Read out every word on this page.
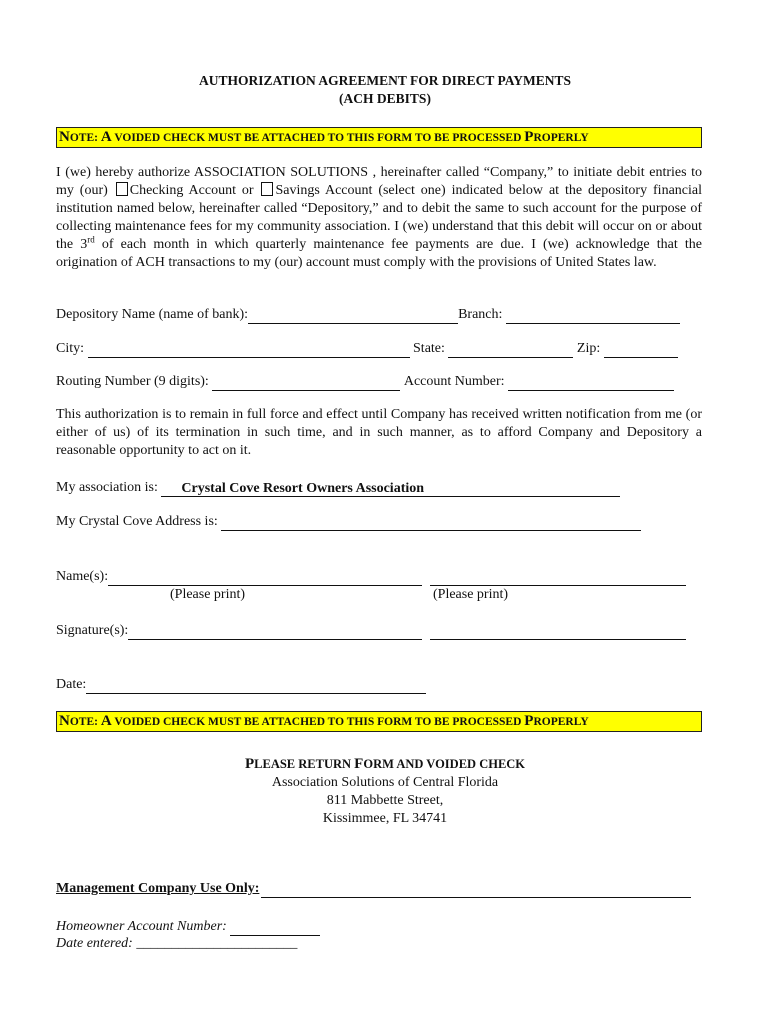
AUTHORIZATION AGREEMENT FOR DIRECT PAYMENTS
(ACH DEBITS)
NOTE: A VOIDED CHECK MUST BE ATTACHED TO THIS FORM TO BE PROCESSED PROPERLY
I (we) hereby authorize ASSOCIATION SOLUTIONS , hereinafter called “Company,” to initiate debit entries to my (our) Checking Account or Savings Account (select one) indicated below at the depository financial institution named below, hereinafter called “Depository,” and to debit the same to such account for the purpose of collecting maintenance fees for my community association. I (we) understand that this debit will occur on or about the 3rd of each month in which quarterly maintenance fee payments are due. I (we) acknowledge that the origination of ACH transactions to my (our) account must comply with the provisions of United States law.
Depository Name (name of bank):	Branch:
City:	State:	Zip:
Routing Number (9 digits):	Account Number:
This authorization is to remain in full force and effect until Company has received written notification from me (or either of us) of its termination in such time, and in such manner, as to afford Company and Depository a reasonable opportunity to act on it.
My association is: Crystal Cove Resort Owners Association
My Crystal Cove Address is:
Name(s):
(Please print)	(Please print)
Signature(s):
Date:
NOTE: A VOIDED CHECK MUST BE ATTACHED TO THIS FORM TO BE PROCESSED PROPERLY
PLEASE RETURN FORM AND VOIDED CHECK
Association Solutions of Central Florida
811 Mabbette Street,
Kissimmee, FL 34741
Management Company Use Only:
Homeowner Account Number:
Date entered: _______________________
